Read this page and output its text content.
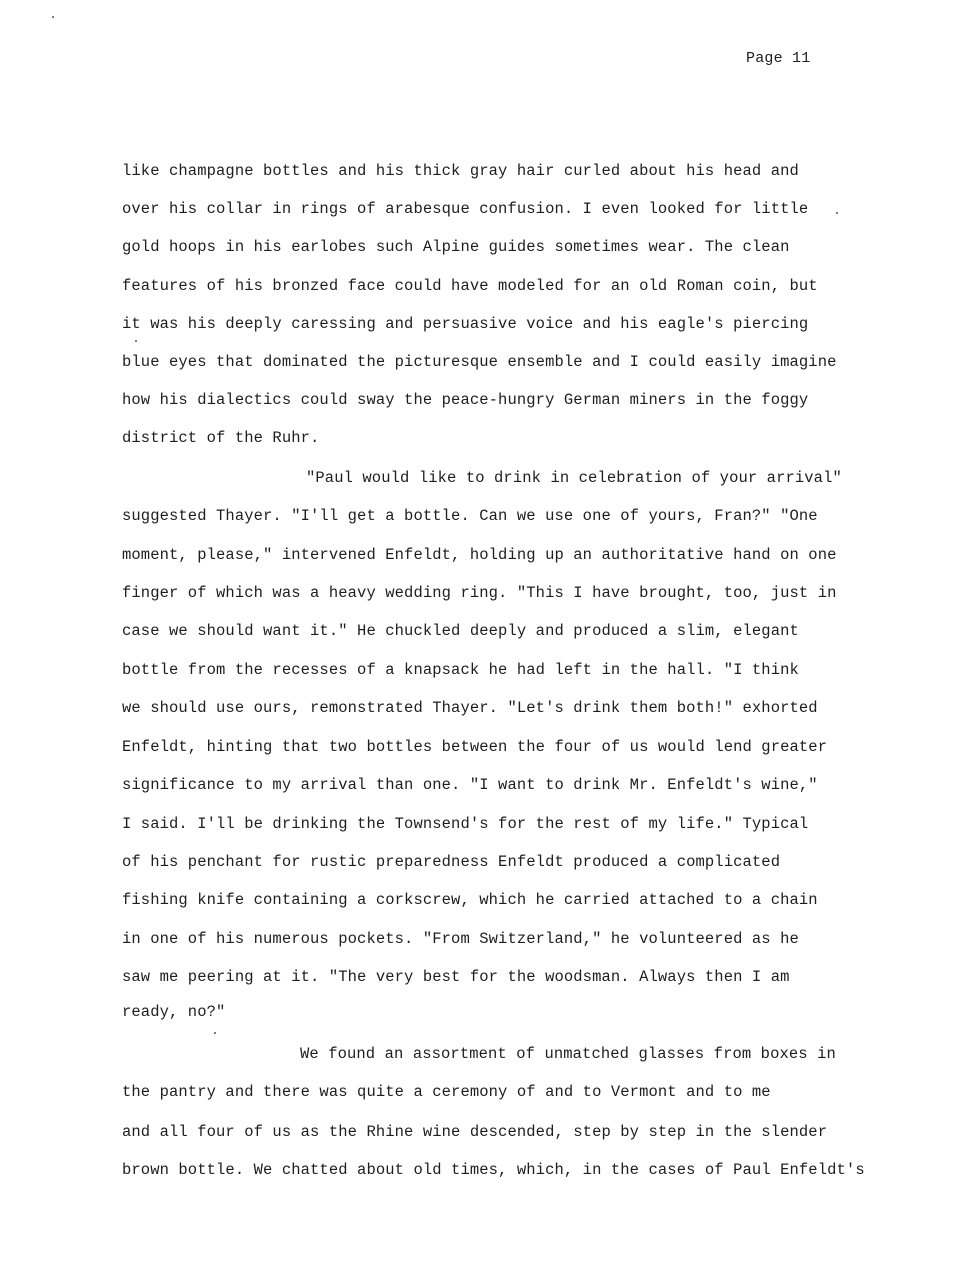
Page 11
like champagne bottles and his thick gray hair curled about his head and
over his collar in rings of arabesque confusion. I even looked for little
gold hoops in his earlobes such Alpine guides sometimes wear. The clean
features of his bronzed face could have modeled for an old Roman coin, but
it was his deeply caressing and persuasive voice and his eagle's piercing
blue eyes that dominated the picturesque ensemble and I could easily imagine
how his dialectics could sway the peace-hungry German miners in the foggy
district of the Ruhr.
"Paul would like to drink in celebration of your arrival"
suggested Thayer. "I'll get a bottle. Can we use one of yours, Fran?" "One
moment, please," intervened Enfeldt, holding up an authoritative hand on one
finger of which was a heavy wedding ring. "This I have brought, too, just in
case we should want it." He chuckled deeply and produced a slim, elegant
bottle from the recesses of a knapsack he had left in the hall. "I think
we should use ours, remonstrated Thayer. "Let's drink them both!" exhorted
Enfeldt, hinting that two bottles between the four of us would lend greater
significance to my arrival than one. "I want to drink Mr. Enfeldt's wine,"
I said. I'll be drinking the Townsend's for the rest of my life." Typical
of his penchant for rustic preparedness Enfeldt produced a complicated
fishing knife containing a corkscrew, which he carried attached to a chain
in one of his numerous pockets. "From Switzerland," he volunteered as he
saw me peering at it. "The very best for the woodsman. Always then I am
ready, no?"
We found an assortment of unmatched glasses from boxes in
the pantry and there was quite a ceremony of and to Vermont and to me
and all four of us as the Rhine wine descended, step by step in the slender
brown bottle. We chatted about old times, which, in the cases of Paul Enfeldt's
